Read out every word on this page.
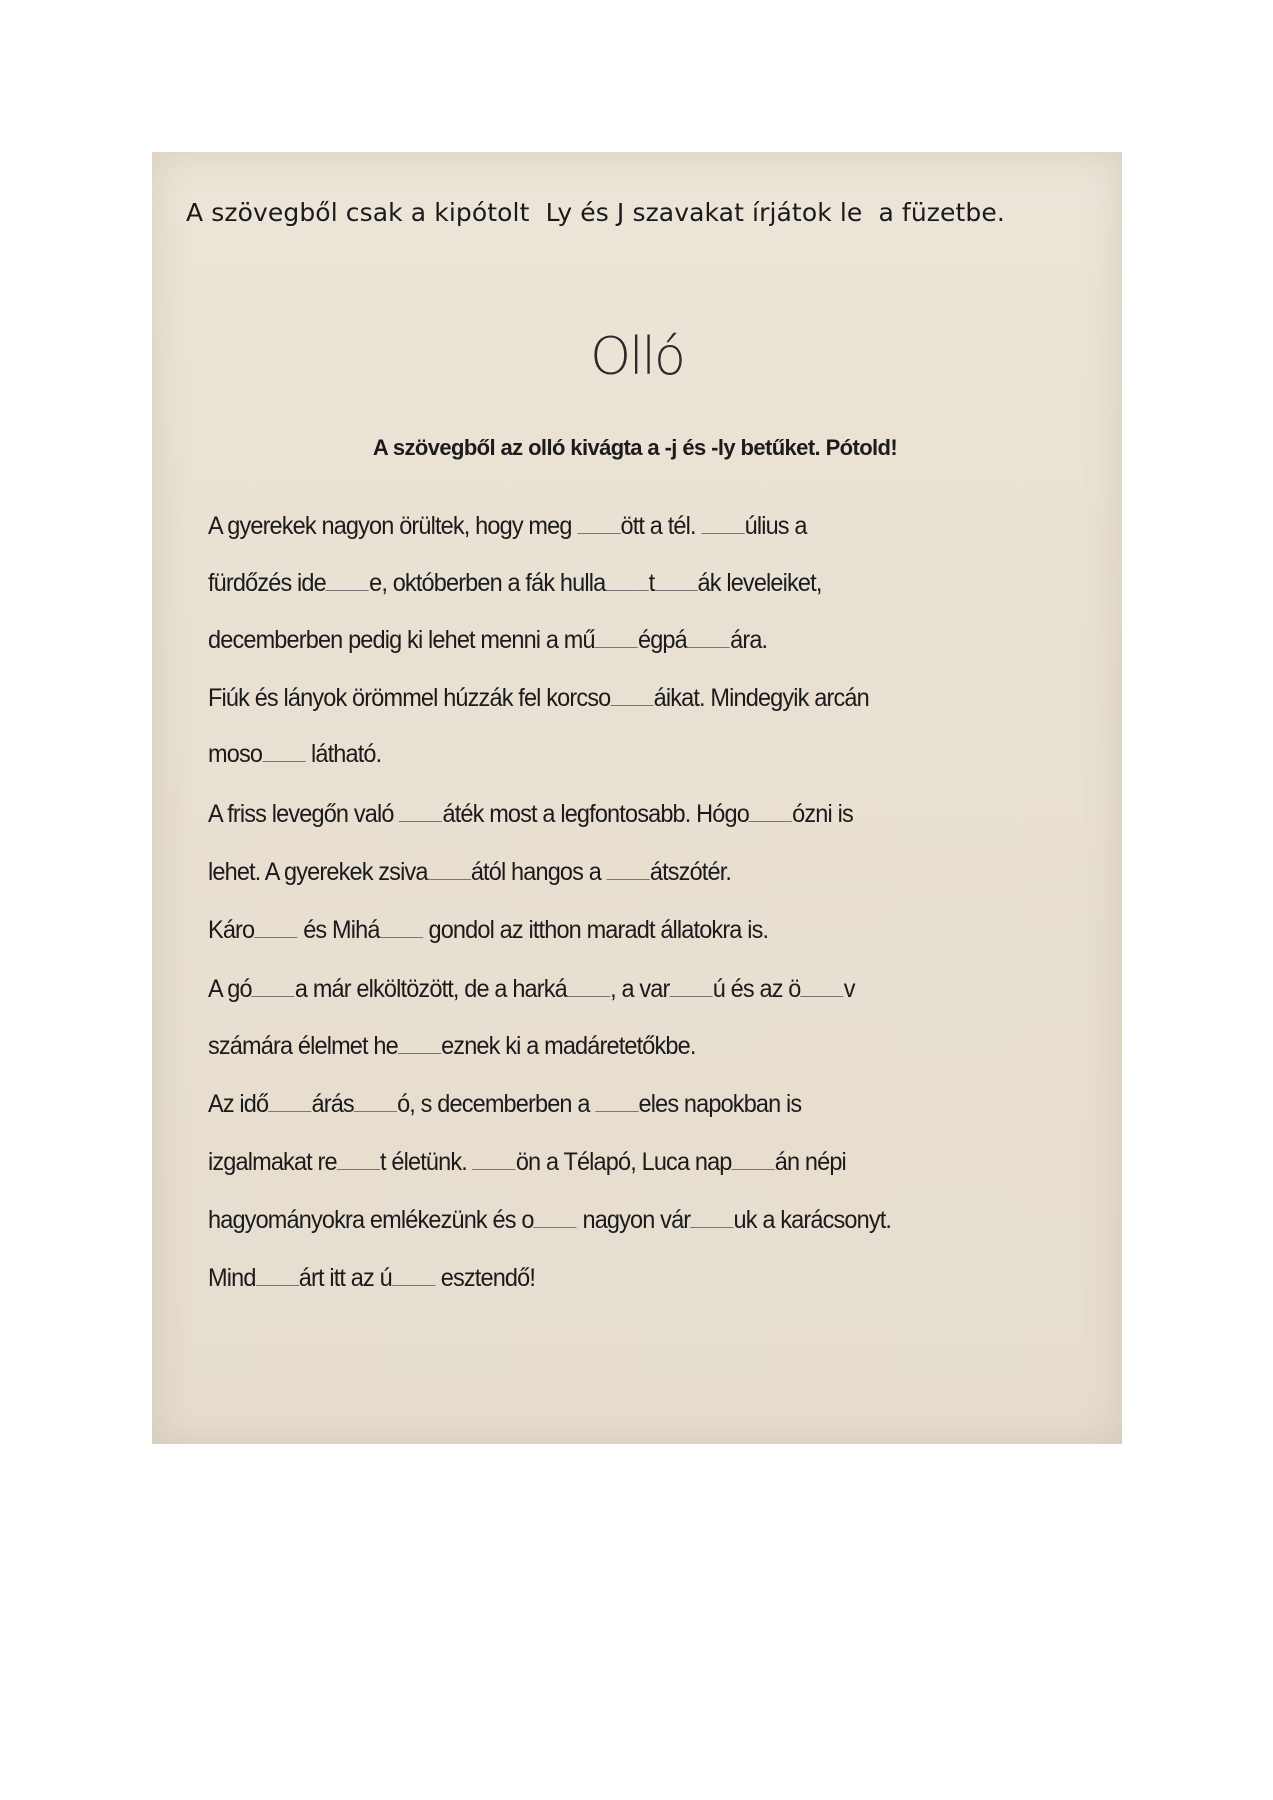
A szövegből csak a kipótolt  Ly és J szavakat írjátok le  a füzetbe.
Olló
A szövegből az olló kivágta a -j és -ly betűket. Pótold!
A gyerekek nagyon örültek, hogy meg ött a tél. úlius a
fürdőzés ide e, októberben a fák hulla t ák leveleiket,
decemberben pedig ki lehet menni a mű égpá ára.
Fiúk és lányok örömmel húzzák fel korcso áikat. Mindegyik arcán
moso látható.
A friss levegőn való áték most a legfontosabb. Hógo ózni is
lehet. A gyerekek zsiva ától hangos a átszótér.
Káro és Mihá gondol az itthon maradt állatokra is.
A gó a már elköltözött, de a harká , a var ú és az ö v
számára élelmet he eznek ki a madáretetőkbe.
Az idő árás ó, s decemberben a eles napokban is
izgalmakat re t életünk. ön a Télapó, Luca nap án népi
hagyományokra emlékezünk és o nagyon vár uk a karácsonyt.
Mind árt itt az ú esztendő!
